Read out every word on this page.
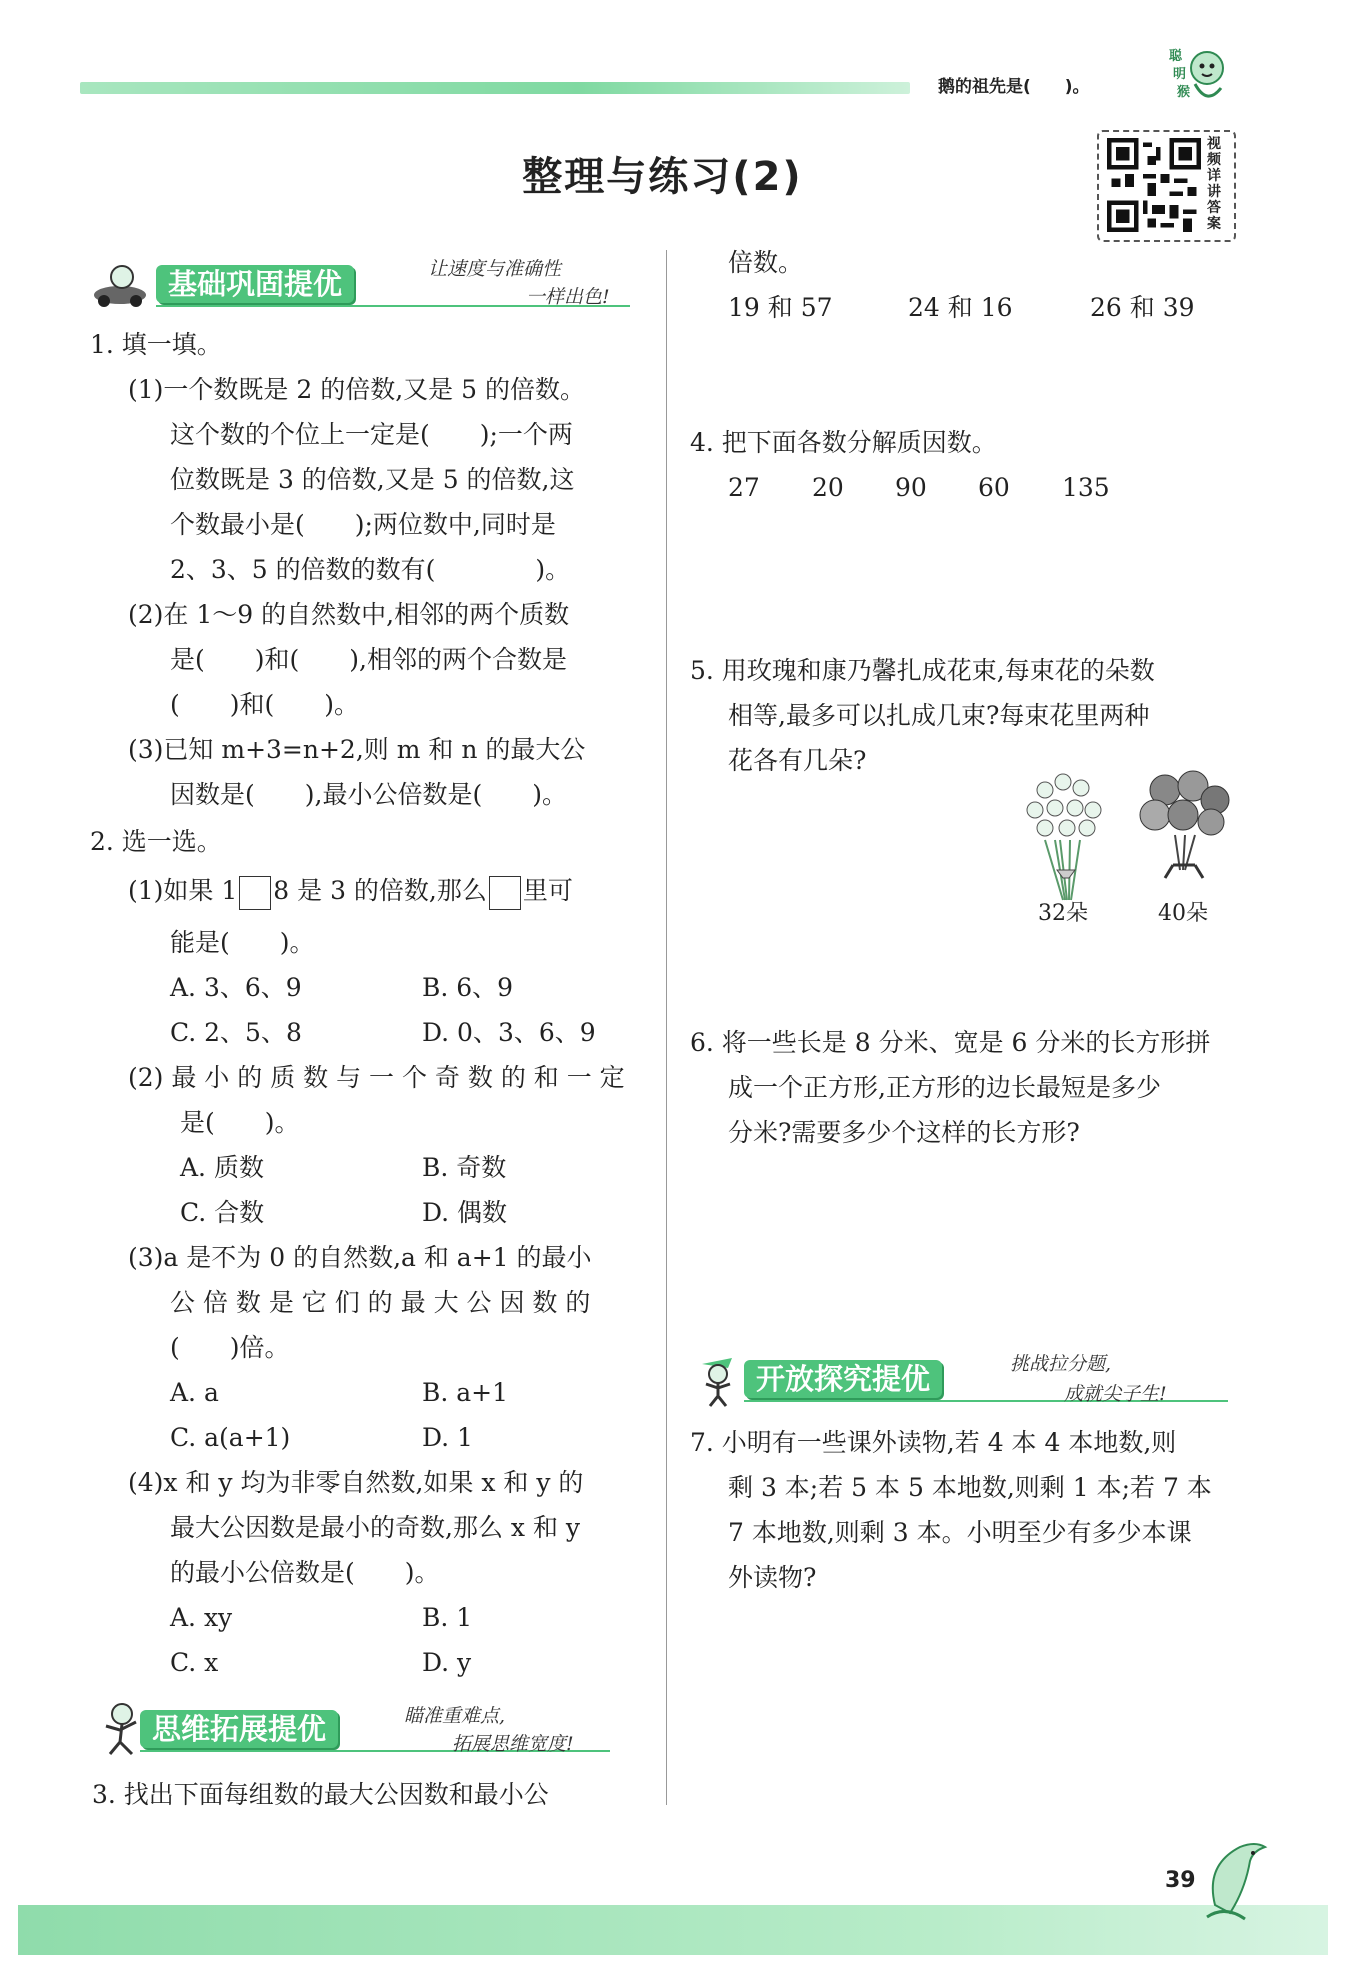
鹅的祖先是(　　)。
聪
明
猴
整理与练习(2)
视频详讲答案
基础巩固提优	让速度与准确性
一样出色!
1. 填一填。
(1)一个数既是 2 的倍数,又是 5 的倍数。
这个数的个位上一定是(　　);一个两
位数既是 3 的倍数,又是 5 的倍数,这
个数最小是(　　);两位数中,同时是
2、3、5 的倍数的数有(　　　　)。
(2)在 1～9 的自然数中,相邻的两个质数
是(　　)和(　　),相邻的两个合数是
(　　)和(　　)。
(3)已知 m+3=n+2,则 m 和 n 的最大公
因数是(　　),最小公倍数是(　　)。
2. 选一选。
(1)如果 1 8 是 3 的倍数,那么 里可
能是(　　)。
A. 3、6、9	B. 6、9
C. 2、5、8	D. 0、3、6、9
(2) 最 小 的 质 数 与 一 个 奇 数 的 和 一 定
是(　　)。
A. 质数	B. 奇数
C. 合数	D. 偶数
(3)a 是不为 0 的自然数,a 和 a+1 的最小
公 倍 数 是 它 们 的 最 大 公 因 数 的
(　　)倍。
A. a	B. a+1
C. a(a+1)	D. 1
(4)x 和 y 均为非零自然数,如果 x 和 y 的
最大公因数是最小的奇数,那么 x 和 y
的最小公倍数是(　　)。
A. xy	B. 1
C. x	D. y
思维拓展提优	瞄准重难点,
拓展思维宽度!
3. 找出下面每组数的最大公因数和最小公
倍数。
19 和 57	24 和 16	26 和 39
4. 把下面各数分解质因数。
27 20 90 60 135
5. 用玫瑰和康乃馨扎成花束,每束花的朵数
相等,最多可以扎成几束?每束花里两种
花各有几朵?
32朵	40朵
6. 将一些长是 8 分米、宽是 6 分米的长方形拼
成一个正方形,正方形的边长最短是多少
分米?需要多少个这样的长方形?
开放探究提优	挑战拉分题,
成就尖子生!
7. 小明有一些课外读物,若 4 本 4 本地数,则
剩 3 本;若 5 本 5 本地数,则剩 1 本;若 7 本
7 本地数,则剩 3 本。小明至少有多少本课
外读物?
39
